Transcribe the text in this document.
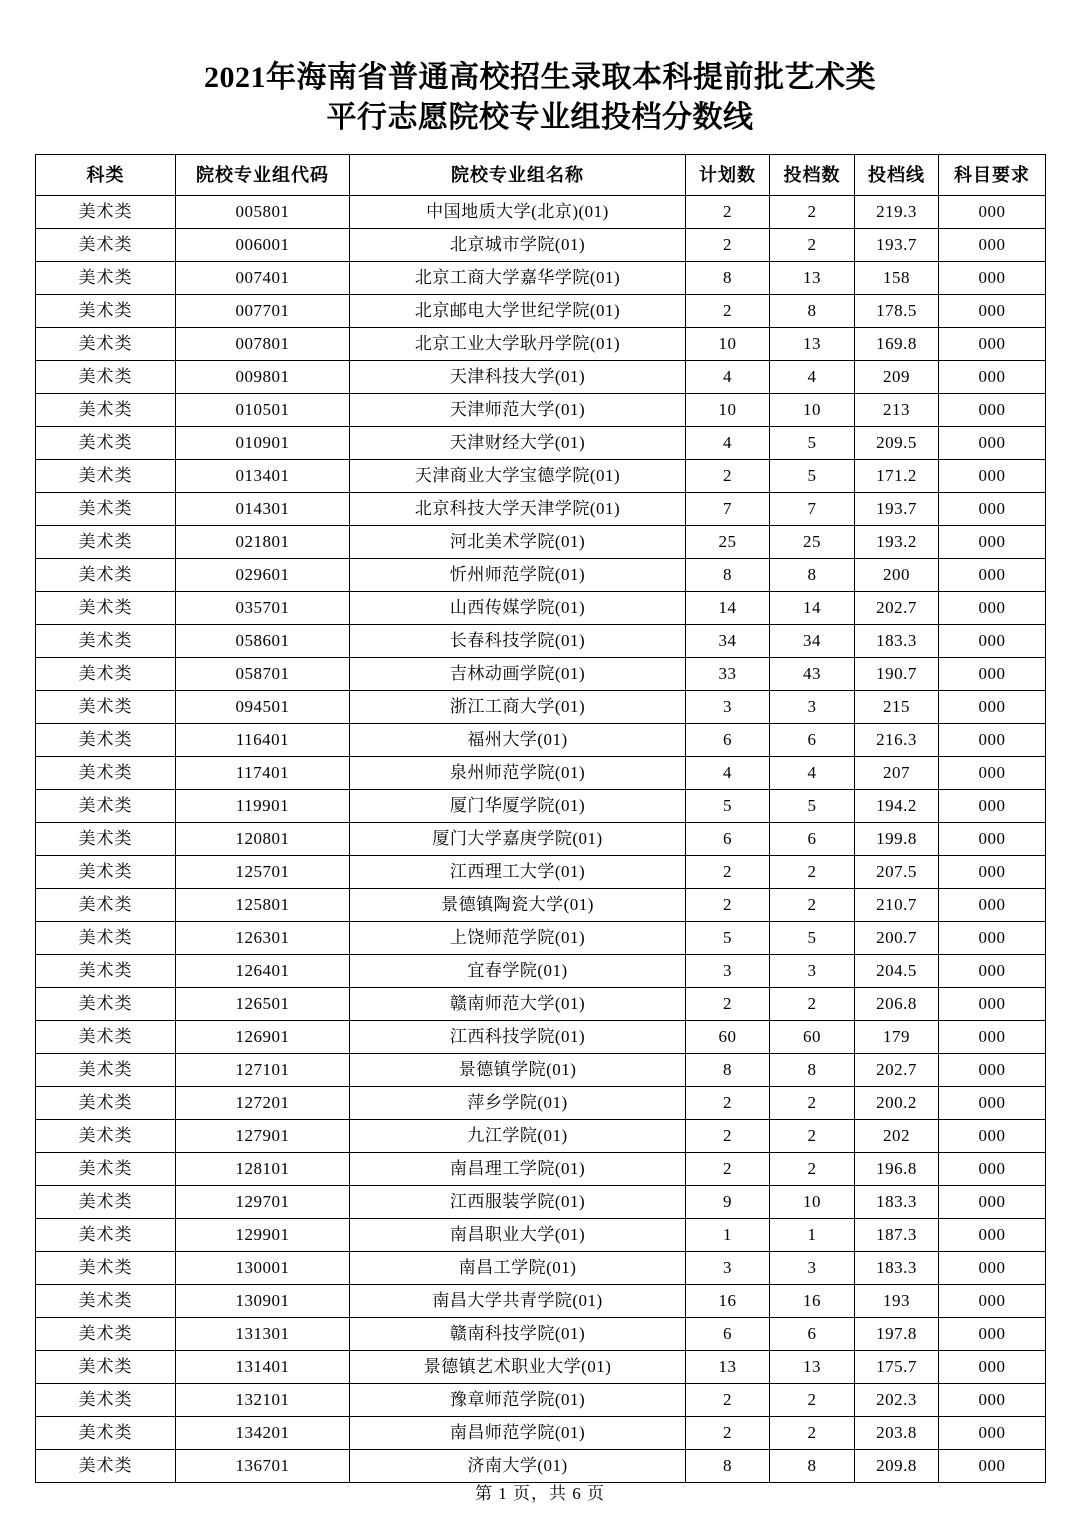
2021年海南省普通高校招生录取本科提前批艺术类
平行志愿院校专业组投档分数线
科类	院校专业组代码	院校专业组名称	计划数	投档数	投档线	科目要求
美术类	005801	中国地质大学(北京)(01)	2	2	219.3	000
美术类	006001	北京城市学院(01)	2	2	193.7	000
美术类	007401	北京工商大学嘉华学院(01)	8	13	158	000
美术类	007701	北京邮电大学世纪学院(01)	2	8	178.5	000
美术类	007801	北京工业大学耿丹学院(01)	10	13	169.8	000
美术类	009801	天津科技大学(01)	4	4	209	000
美术类	010501	天津师范大学(01)	10	10	213	000
美术类	010901	天津财经大学(01)	4	5	209.5	000
美术类	013401	天津商业大学宝德学院(01)	2	5	171.2	000
美术类	014301	北京科技大学天津学院(01)	7	7	193.7	000
美术类	021801	河北美术学院(01)	25	25	193.2	000
美术类	029601	忻州师范学院(01)	8	8	200	000
美术类	035701	山西传媒学院(01)	14	14	202.7	000
美术类	058601	长春科技学院(01)	34	34	183.3	000
美术类	058701	吉林动画学院(01)	33	43	190.7	000
美术类	094501	浙江工商大学(01)	3	3	215	000
美术类	116401	福州大学(01)	6	6	216.3	000
美术类	117401	泉州师范学院(01)	4	4	207	000
美术类	119901	厦门华厦学院(01)	5	5	194.2	000
美术类	120801	厦门大学嘉庚学院(01)	6	6	199.8	000
美术类	125701	江西理工大学(01)	2	2	207.5	000
美术类	125801	景德镇陶瓷大学(01)	2	2	210.7	000
美术类	126301	上饶师范学院(01)	5	5	200.7	000
美术类	126401	宜春学院(01)	3	3	204.5	000
美术类	126501	赣南师范大学(01)	2	2	206.8	000
美术类	126901	江西科技学院(01)	60	60	179	000
美术类	127101	景德镇学院(01)	8	8	202.7	000
美术类	127201	萍乡学院(01)	2	2	200.2	000
美术类	127901	九江学院(01)	2	2	202	000
美术类	128101	南昌理工学院(01)	2	2	196.8	000
美术类	129701	江西服装学院(01)	9	10	183.3	000
美术类	129901	南昌职业大学(01)	1	1	187.3	000
美术类	130001	南昌工学院(01)	3	3	183.3	000
美术类	130901	南昌大学共青学院(01)	16	16	193	000
美术类	131301	赣南科技学院(01)	6	6	197.8	000
美术类	131401	景德镇艺术职业大学(01)	13	13	175.7	000
美术类	132101	豫章师范学院(01)	2	2	202.3	000
美术类	134201	南昌师范学院(01)	2	2	203.8	000
美术类	136701	济南大学(01)	8	8	209.8	000
第 1 页，共 6 页
